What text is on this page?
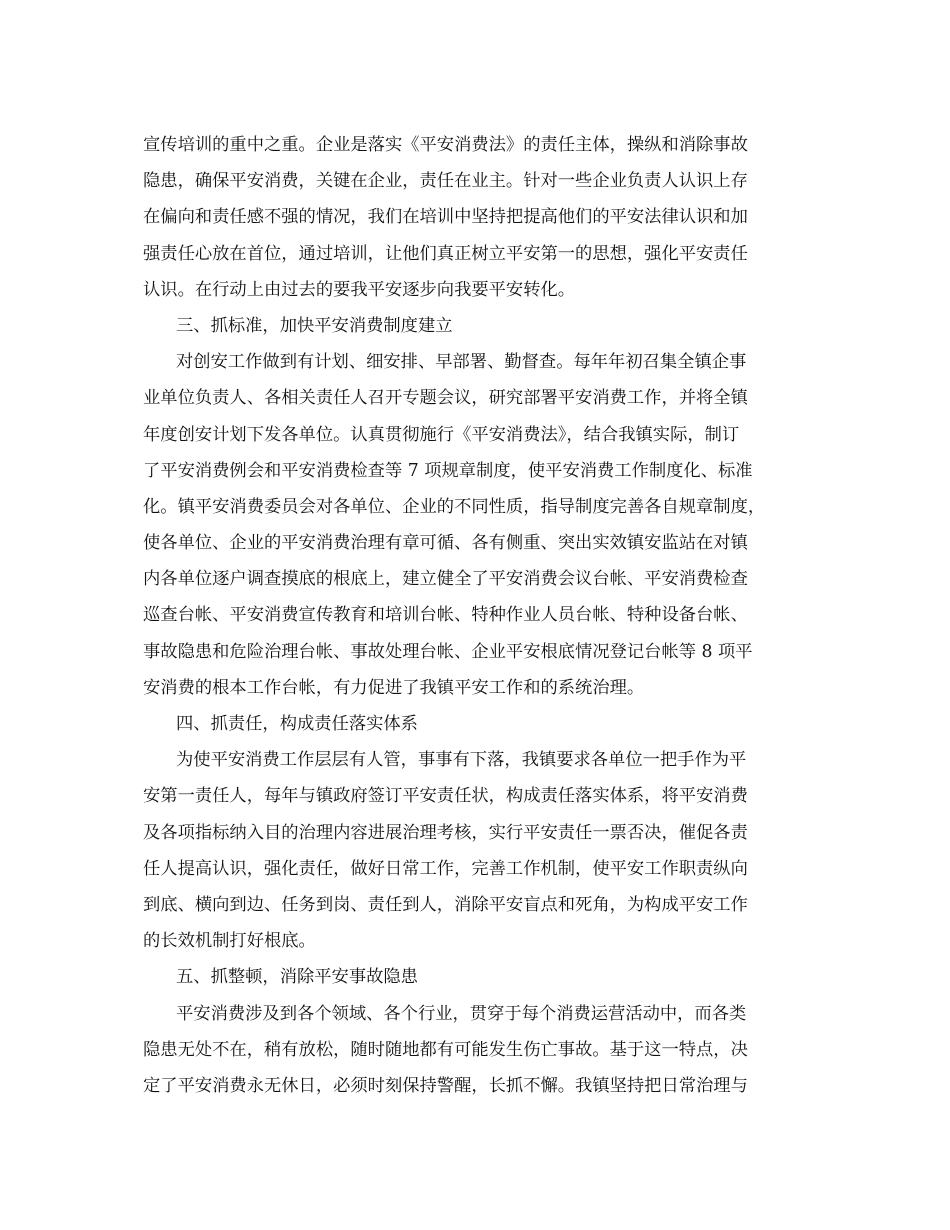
宣传培训的重中之重。企业是落实《平安消费法》的责任主体，操纵和消除事故
隐患，确保平安消费，关键在企业，责任在业主。针对一些企业负责人认识上存
在偏向和责任感不强的情况，我们在培训中坚持把提高他们的平安法律认识和加
强责任心放在首位，通过培训，让他们真正树立平安第一的思想，强化平安责任
认识。在行动上由过去的要我平安逐步向我要平安转化。
三、抓标准，加快平安消费制度建立
对创安工作做到有计划、细安排、早部署、勤督查。每年年初召集全镇企事
业单位负责人、各相关责任人召开专题会议，研究部署平安消费工作，并将全镇
年度创安计划下发各单位。认真贯彻施行《平安消费法》，结合我镇实际，制订
了平安消费例会和平安消费检查等 7 项规章制度，使平安消费工作制度化、标准
化。镇平安消费委员会对各单位、企业的不同性质，指导制度完善各自规章制度，
使各单位、企业的平安消费治理有章可循、各有侧重、突出实效镇安监站在对镇
内各单位逐户调查摸底的根底上，建立健全了平安消费会议台帐、平安消费检查
巡查台帐、平安消费宣传教育和培训台帐、特种作业人员台帐、特种设备台帐、
事故隐患和危险治理台帐、事故处理台帐、企业平安根底情况登记台帐等 8 项平
安消费的根本工作台帐，有力促进了我镇平安工作和的系统治理。
四、抓责任，构成责任落实体系
为使平安消费工作层层有人管，事事有下落，我镇要求各单位一把手作为平
安第一责任人，每年与镇政府签订平安责任状，构成责任落实体系，将平安消费
及各项指标纳入目的治理内容进展治理考核，实行平安责任一票否决，催促各责
任人提高认识，强化责任，做好日常工作，完善工作机制，使平安工作职责纵向
到底、横向到边、任务到岗、责任到人，消除平安盲点和死角，为构成平安工作
的长效机制打好根底。
五、抓整顿，消除平安事故隐患
平安消费涉及到各个领域、各个行业，贯穿于每个消费运营活动中，而各类
隐患无处不在，稍有放松，随时随地都有可能发生伤亡事故。基于这一特点，决
定了平安消费永无休日，必须时刻保持警醒，长抓不懈。我镇坚持把日常治理与
